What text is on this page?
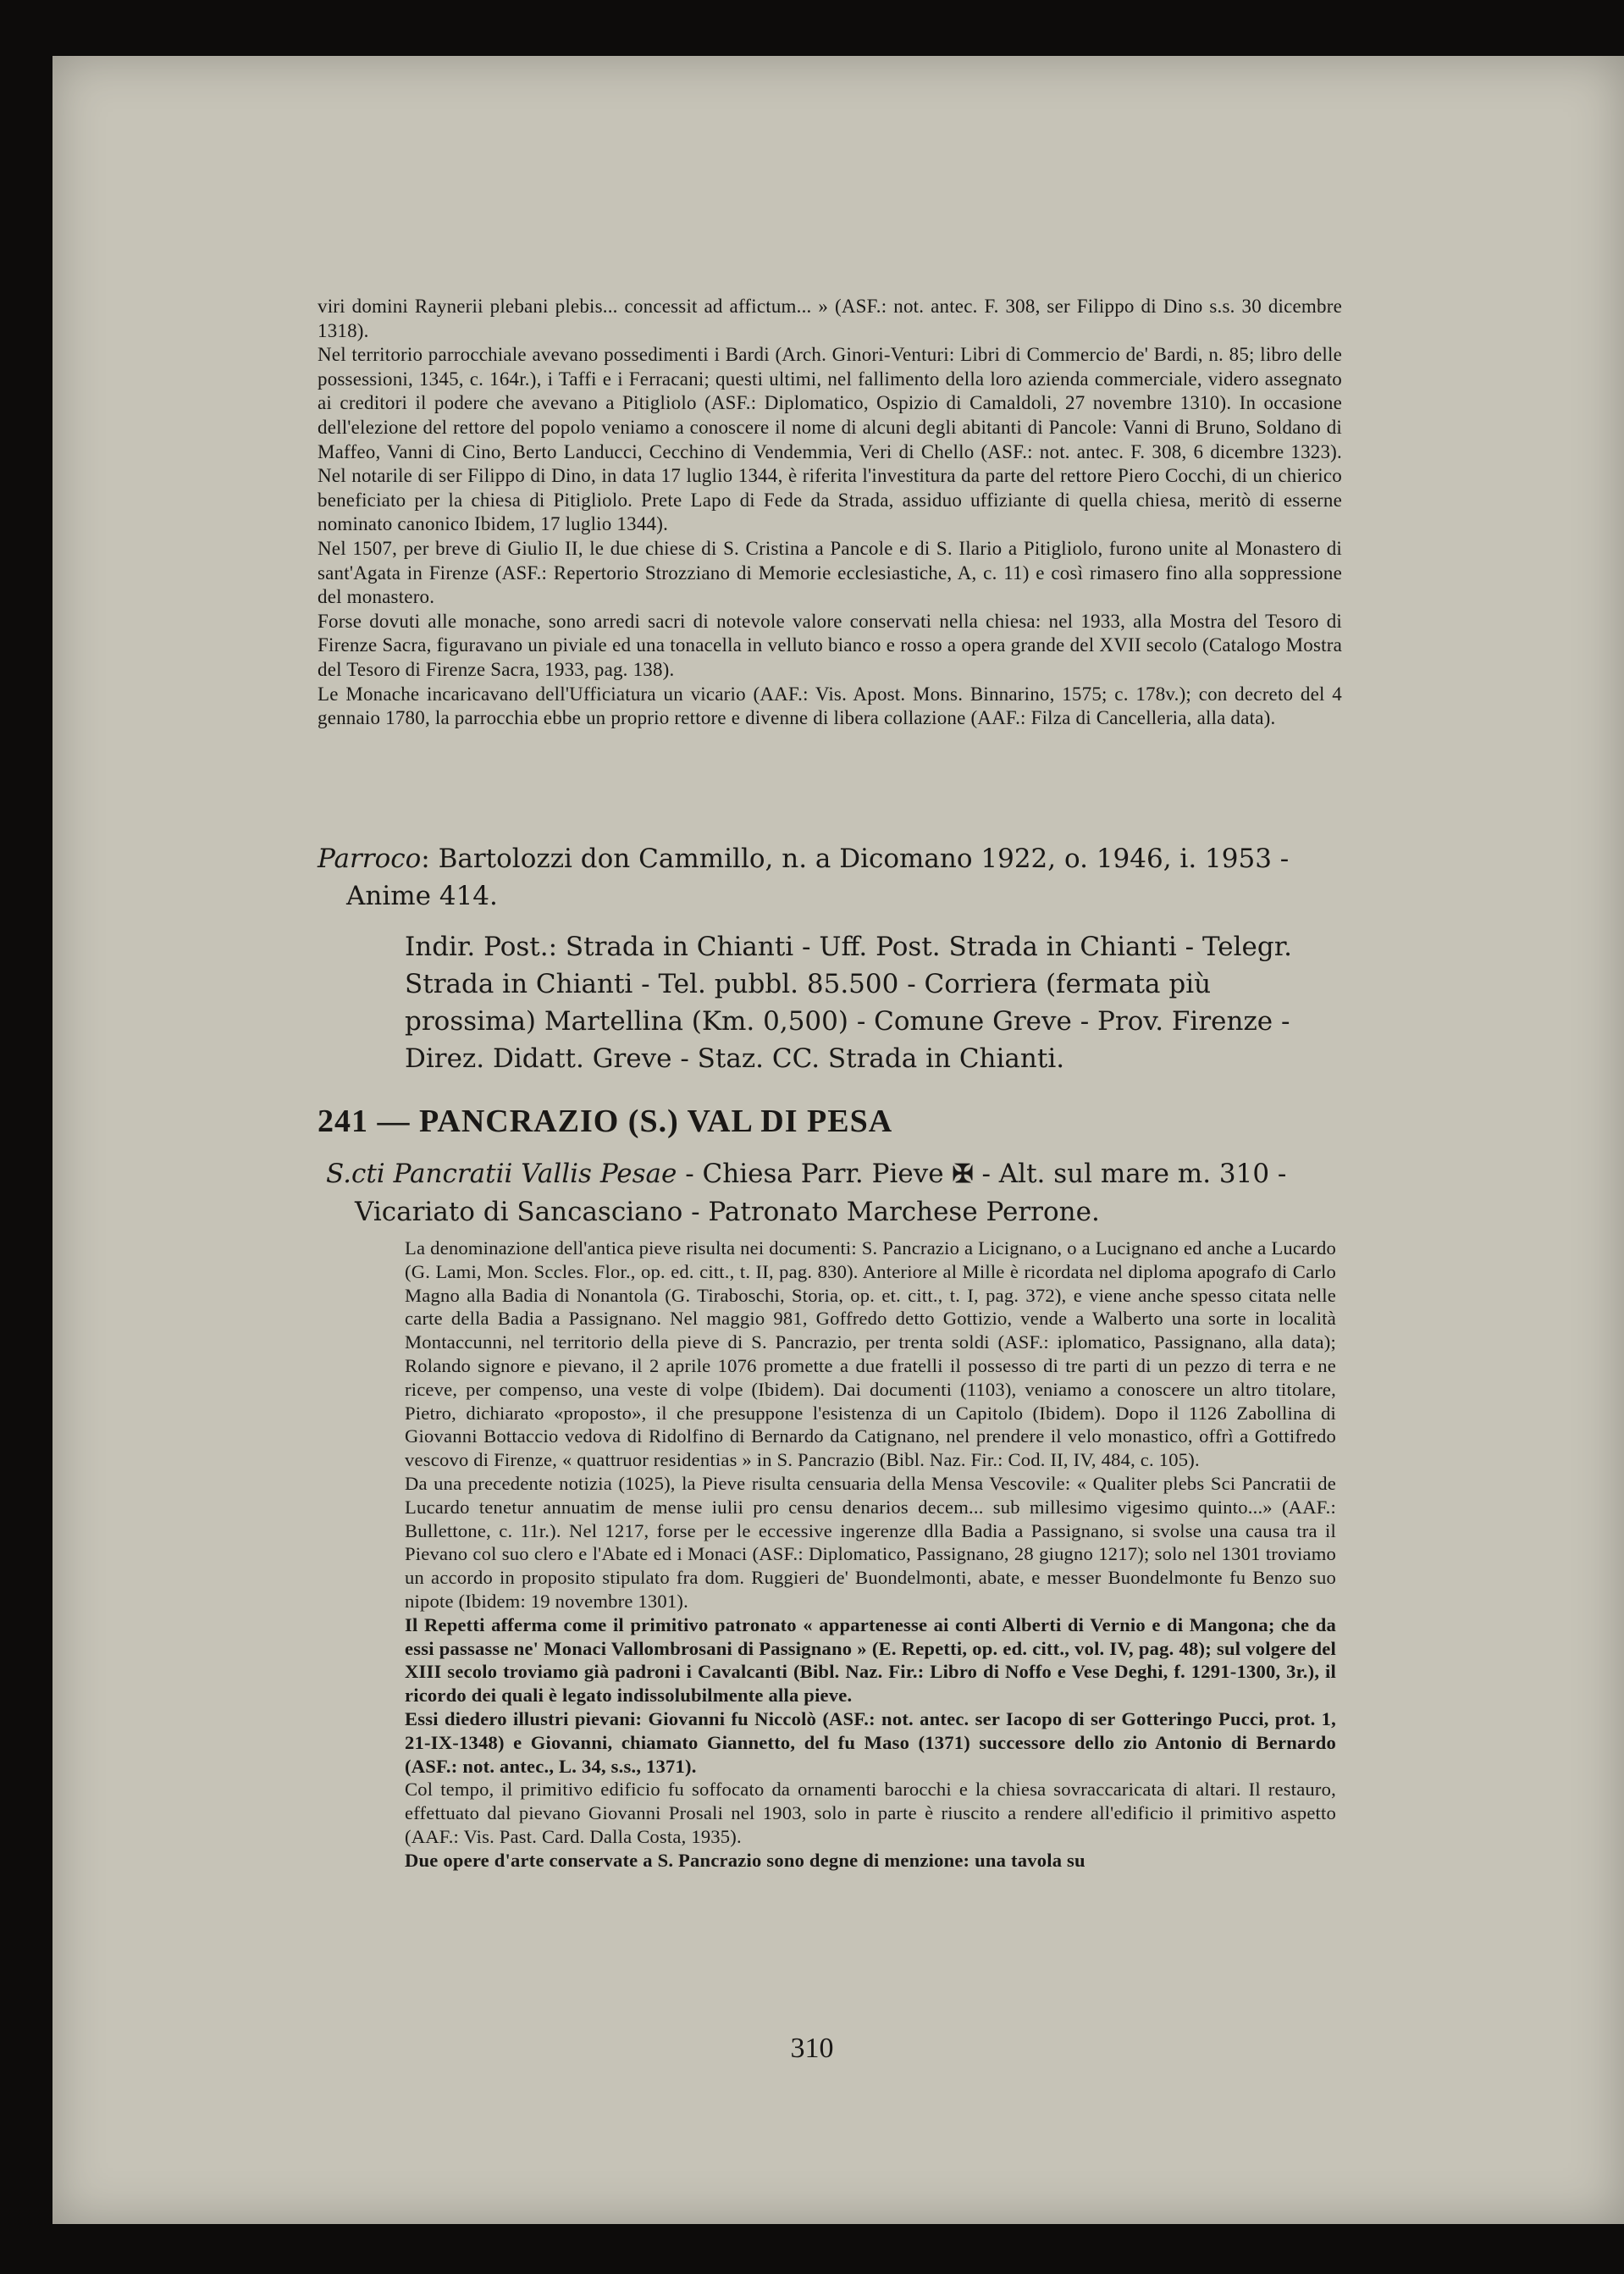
viri domini Raynerii plebani plebis... concessit ad affictum... » (ASF.: not. antec. F. 308, ser Filippo di Dino s.s. 30 dicembre 1318).

Nel territorio parrocchiale avevano possedimenti i Bardi (Arch. Ginori-Venturi: Libri di Commercio de' Bardi, n. 85; libro delle possessioni, 1345, c. 164r.), i Taffi e i Ferracani; questi ultimi, nel fallimento della loro azienda commerciale, videro assegnato ai creditori il podere che avevano a Pitigliolo (ASF.: Diplomatico, Ospizio di Camaldoli, 27 novembre 1310). In occasione dell'elezione del rettore del popolo veniamo a conoscere il nome di alcuni degli abitanti di Pancole: Vanni di Bruno, Soldano di Maffeo, Vanni di Cino, Berto Landucci, Cecchino di Vendemmia, Veri di Chello (ASF.: not. antec. F. 308, 6 dicembre 1323). Nel notarile di ser Filippo di Dino, in data 17 luglio 1344, è riferita l'investitura da parte del rettore Piero Cocchi, di un chierico beneficiato per la chiesa di Pitigliolo. Prete Lapo di Fede da Strada, assiduo uffiziante di quella chiesa, meritò di esserne nominato canonico Ibidem, 17 luglio 1344).

Nel 1507, per breve di Giulio II, le due chiese di S. Cristina a Pancole e di S. Ilario a Pitigliolo, furono unite al Monastero di sant'Agata in Firenze (ASF.: Repertorio Strozziano di Memorie ecclesiastiche, A, c. 11) e così rimasero fino alla soppressione del monastero.

Forse dovuti alle monache, sono arredi sacri di notevole valore conservati nella chiesa: nel 1933, alla Mostra del Tesoro di Firenze Sacra, figuravano un piviale ed una tonacella in velluto bianco e rosso a opera grande del XVII secolo (Catalogo Mostra del Tesoro di Firenze Sacra, 1933, pag. 138).

Le Monache incaricavano dell'Ufficiatura un vicario (AAF.: Vis. Apost. Mons. Binnarino, 1575; c. 178v.); con decreto del 4 gennaio 1780, la parrocchia ebbe un proprio rettore e divenne di libera collazione (AAF.: Filza di Cancelleria, alla data).

Parroco: Bartolozzi don Cammillo, n. a Dicomano 1922, o. 1946, i. 1953 - Anime 414.

Indir. Post.: Strada in Chianti - Uff. Post. Strada in Chianti - Telegr. Strada in Chianti - Tel. pubbl. 85.500 - Corriera (fermata più prossima) Martellina (Km. 0,500) - Comune Greve - Prov. Firenze - Direz. Didatt. Greve - Staz. CC. Strada in Chianti.

241 — PANCRAZIO (S.) VAL DI PESA

S.cti Pancratii Vallis Pesae - Chiesa Parr. Pieve ✠ - Alt. sul mare m. 310 - Vicariato di Sancasciano - Patronato Marchese Perrone.

La denominazione dell'antica pieve risulta nei documenti: S. Pancrazio a Licignano, o a Lucignano ed anche a Lucardo (G. Lami, Mon. Sccles. Flor., op. ed. citt., t. II, pag. 830). Anteriore al Mille è ricordata nel diploma apografo di Carlo Magno alla Badia di Nonantola (G. Tiraboschi, Storia, op. et. citt., t. I, pag. 372), e viene anche spesso citata nelle carte della Badia a Passignano. Nel maggio 981, Goffredo detto Gottizio, vende a Walberto una sorte in località Montaccunni, nel territorio della pieve di S. Pancrazio, per trenta soldi (ASF.: iplomatico, Passignano, alla data); Rolando signore e pievano, il 2 aprile 1076 promette a due fratelli il possesso di tre parti di un pezzo di terra e ne riceve, per compenso, una veste di volpe (Ibidem). Dai documenti (1103), veniamo a conoscere un altro titolare, Pietro, dichiarato «proposto», il che presuppone l'esistenza di un Capitolo (Ibidem). Dopo il 1126 Zabollina di Giovanni Bottaccio vedova di Ridolfino di Bernardo da Catignano, nel prendere il velo monastico, offrì a Gottifredo vescovo di Firenze, « quattruor residentias » in S. Pancrazio (Bibl. Naz. Fir.: Cod. II, IV, 484, c. 105).

Da una precedente notizia (1025), la Pieve risulta censuaria della Mensa Vescovile: « Qualiter plebs Sci Pancratii de Lucardo tenetur annuatim de mense iulii pro censu denarios decem... sub millesimo vigesimo quinto...» (AAF.: Bullettone, c. 11r.). Nel 1217, forse per le eccessive ingerenze dlla Badia a Passignano, si svolse una causa tra il Pievano col suo clero e l'Abate ed i Monaci (ASF.: Diplomatico, Passignano, 28 giugno 1217); solo nel 1301 troviamo un accordo in proposito stipulato fra dom. Ruggieri de' Buondelmonti, abate, e messer Buondelmonte fu Benzo suo nipote (Ibidem: 19 novembre 1301).

Il Repetti afferma come il primitivo patronato « appartenesse ai conti Alberti di Vernio e di Mangona; che da essi passasse ne' Monaci Vallombrosani di Passignano » (E. Repetti, op. ed. citt., vol. IV, pag. 48); sul volgere del XIII secolo troviamo già padroni i Cavalcanti (Bibl. Naz. Fir.: Libro di Noffo e Vese Deghi, f. 1291-1300, 3r.), il ricordo dei quali è legato indissolubilmente alla pieve.

Essi diedero illustri pievani: Giovanni fu Niccolò (ASF.: not. antec. ser Iacopo di ser Gotteringo Pucci, prot. 1, 21-IX-1348) e Giovanni, chiamato Giannetto, del fu Maso (1371) successore dello zio Antonio di Bernardo (ASF.: not. antec., L. 34, s.s., 1371).

Col tempo, il primitivo edificio fu soffocato da ornamenti barocchi e la chiesa sovraccaricata di altari. Il restauro, effettuato dal pievano Giovanni Prosali nel 1903, solo in parte è riuscito a rendere all'edificio il primitivo aspetto (AAF.: Vis. Past. Card. Dalla Costa, 1935).

Due opere d'arte conservate a S. Pancrazio sono degne di menzione: una tavola su

310
